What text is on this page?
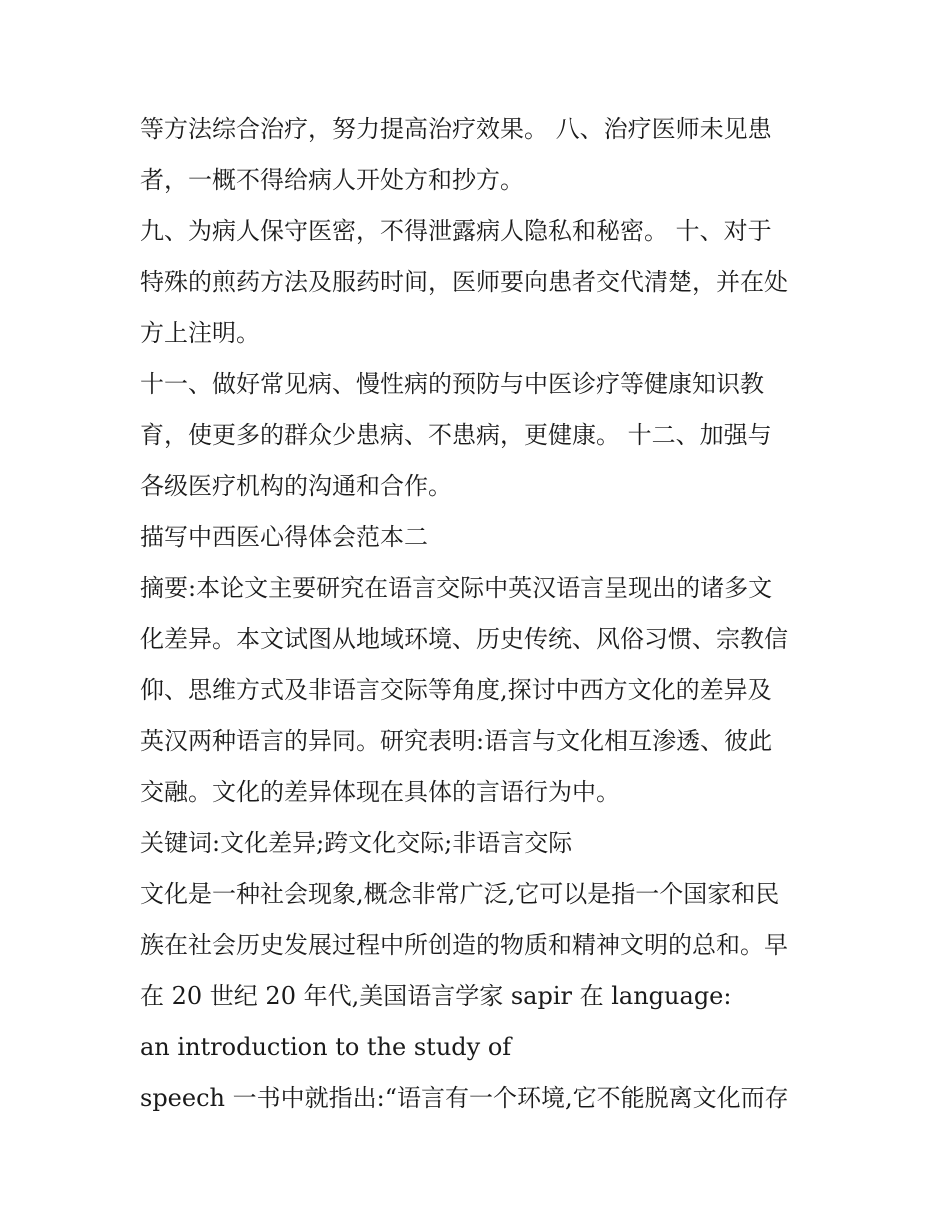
等方法综合治疗，努力提高治疗效果。 八、治疗医师未见患
者，一概不得给病人开处方和抄方。
九、为病人保守医密，不得泄露病人隐私和秘密。 十、对于
特殊的煎药方法及服药时间，医师要向患者交代清楚，并在处
方上注明。
十一、做好常见病、慢性病的预防与中医诊疗等健康知识教
育，使更多的群众少患病、不患病，更健康。 十二、加强与
各级医疗机构的沟通和合作。
描写中西医心得体会范本二
摘要:本论文主要研究在语言交际中英汉语言呈现出的诸多文
化差异。本文试图从地域环境、历史传统、风俗习惯、宗教信
仰、思维方式及非语言交际等角度,探讨中西方文化的差异及
英汉两种语言的异同。研究表明:语言与文化相互渗透、彼此
交融。文化的差异体现在具体的言语行为中。
关键词:文化差异;跨文化交际;非语言交际
文化是一种社会现象,概念非常广泛,它可以是指一个国家和民
族在社会历史发展过程中所创造的物质和精神文明的总和。早
在 20 世纪 20 年代,美国语言学家 sapir 在 language:
an introduction to the study of
speech 一书中就指出:“语言有一个环境,它不能脱离文化而存
